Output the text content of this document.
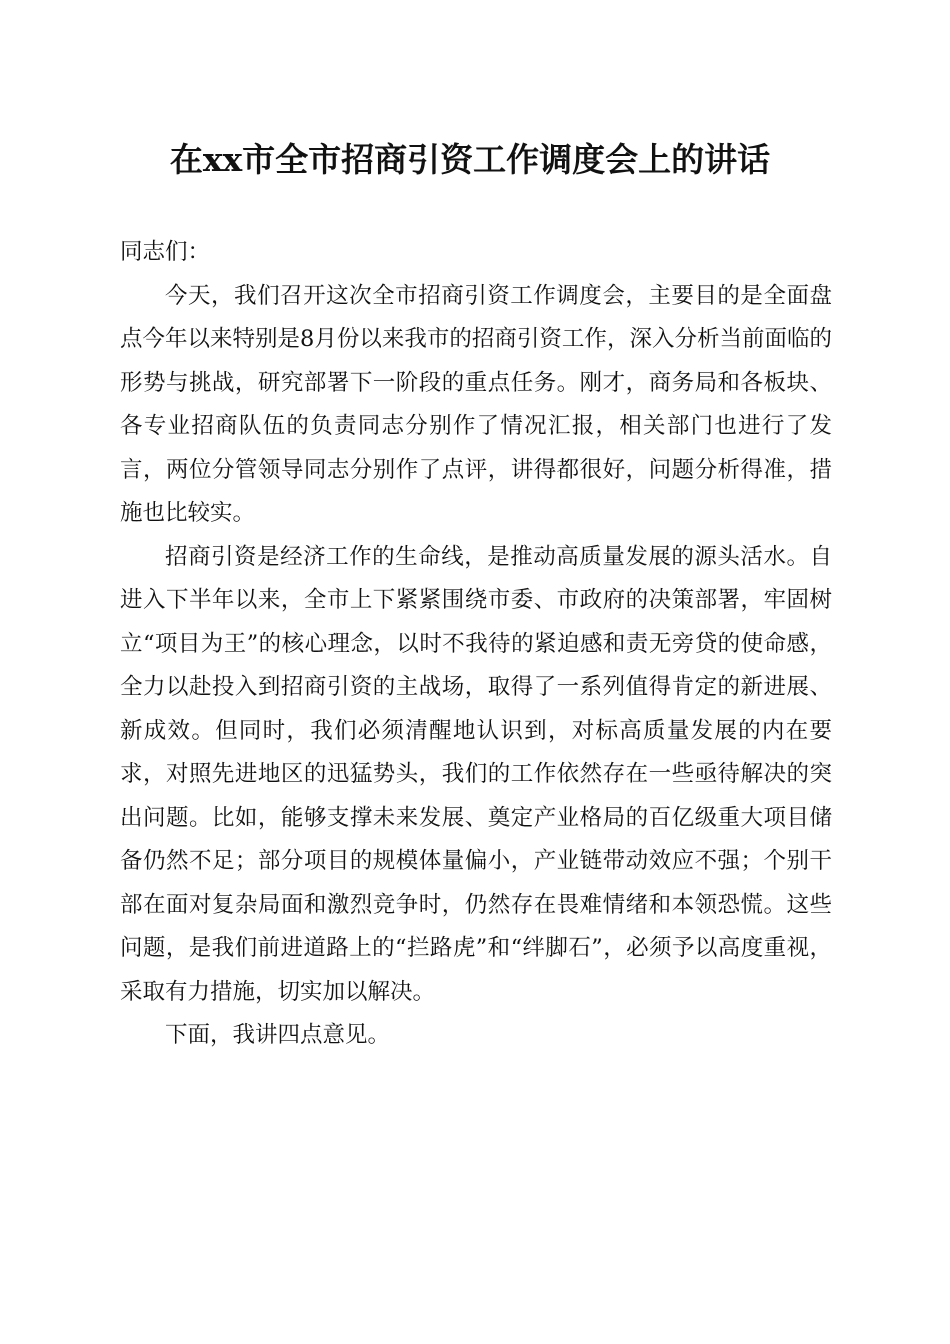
在xx市全市招商引资工作调度会上的讲话

同志们：

今天，我们召开这次全市招商引资工作调度会，主要目的是全面盘点今年以来特别是8月份以来我市的招商引资工作，深入分析当前面临的形势与挑战，研究部署下一阶段的重点任务。刚才，商务局和各板块、各专业招商队伍的负责同志分别作了情况汇报，相关部门也进行了发言，两位分管领导同志分别作了点评，讲得都很好，问题分析得准，措施也比较实。

招商引资是经济工作的生命线，是推动高质量发展的源头活水。自进入下半年以来，全市上下紧紧围绕市委、市政府的决策部署，牢固树立“项目为王”的核心理念，以时不我待的紧迫感和责无旁贷的使命感，全力以赴投入到招商引资的主战场，取得了一系列值得肯定的新进展、新成效。但同时，我们必须清醒地认识到，对标高质量发展的内在要求，对照先进地区的迅猛势头，我们的工作依然存在一些亟待解决的突出问题。比如，能够支撑未来发展、奠定产业格局的百亿级重大项目储备仍然不足；部分项目的规模体量偏小，产业链带动效应不强；个别干部在面对复杂局面和激烈竞争时，仍然存在畏难情绪和本领恐慌。这些问题，是我们前进道路上的“拦路虎”和“绊脚石”，必须予以高度重视，采取有力措施，切实加以解决。

下面，我讲四点意见。
